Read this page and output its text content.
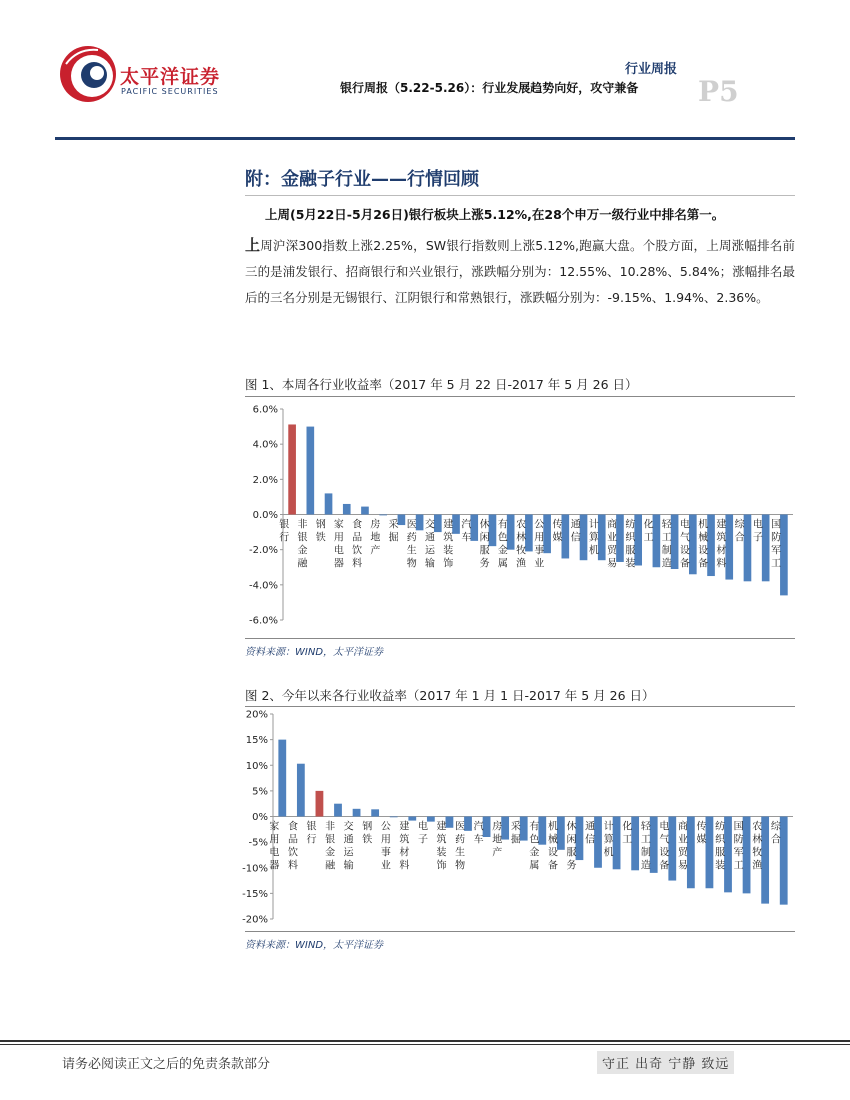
太平洋证券
PACIFIC SECURITIES
行业周报
银行周报（5.22-5.26）：行业发展趋势向好，攻守兼备 P5
附：金融子行业——行情回顾
上周(5月22日-5月26日)银行板块上涨5.12%,在28个申万一级行业中排名第一。
上周沪深300指数上涨2.25%，SW银行指数则上涨5.12%,跑赢大盘。个股方面，上周涨幅排名前三的是浦发银行、招商银行和兴业银行，涨跌幅分别为：12.55%、10.28%、5.84%；涨幅排名最后的三名分别是无锡银行、江阴银行和常熟银行，涨跌幅分别为：-9.15%、1.94%、2.36%。
图 1、本周各行业收益率（2017 年 5 月 22 日-2017 年 5 月 26 日）
6.0%
4.0%
2.0%
0.0%
-2.0%
-4.0%
-6.0%
银行
非银金融
钢铁
家用电器
食品饮料
房地产
采掘
医药生物
交通运输
建筑装饰
汽车
休闲服务
有色金属
农林牧渔
公用事业
传媒
通信
计算机
商业贸易
纺织服装
化工
轻工制造
电气设备
机械设备
建筑材料
综合
电子
国防军工
资料来源：WIND，太平洋证券
图 2、今年以来各行业收益率（2017 年 1 月 1 日-2017 年 5 月 26 日）
20%
15%
10%
5%
0%
-5%
-10%
-15%
-20%
家用电器
食品饮料
银行
非银金融
交通运输
钢铁
公用事业
建筑材料
电子
建筑装饰
医药生物
汽车
房地产
采掘
有色金属
机械设备
休闲服务
通信
计算机
化工
轻工制造
电气设备
商业贸易
传媒
纺织服装
国防军工
农林牧渔
综合
资料来源：WIND，太平洋证券
请务必阅读正文之后的免责条款部分	守正 出奇 宁静 致远
